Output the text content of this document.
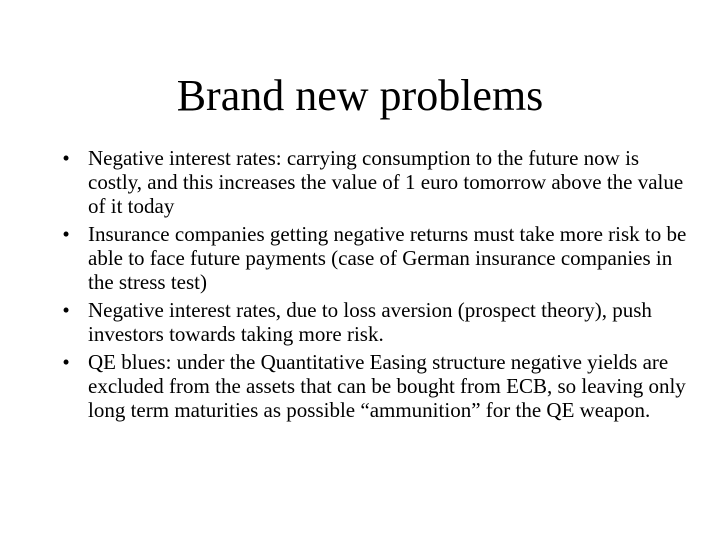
Brand new problems
• Negative interest rates: carrying consumption to the future now is costly, and this increases the value of 1 euro tomorrow above the value of it today
• Insurance companies getting negative returns must take more risk to be able to face future payments (case of German insurance companies in the stress test)
• Negative interest rates, due to loss aversion (prospect theory), push investors towards taking more risk.
• QE blues: under the Quantitative Easing structure negative yields are excluded from the assets that can be bought from ECB, so leaving only long term maturities as possible “ammunition” for the QE weapon.
